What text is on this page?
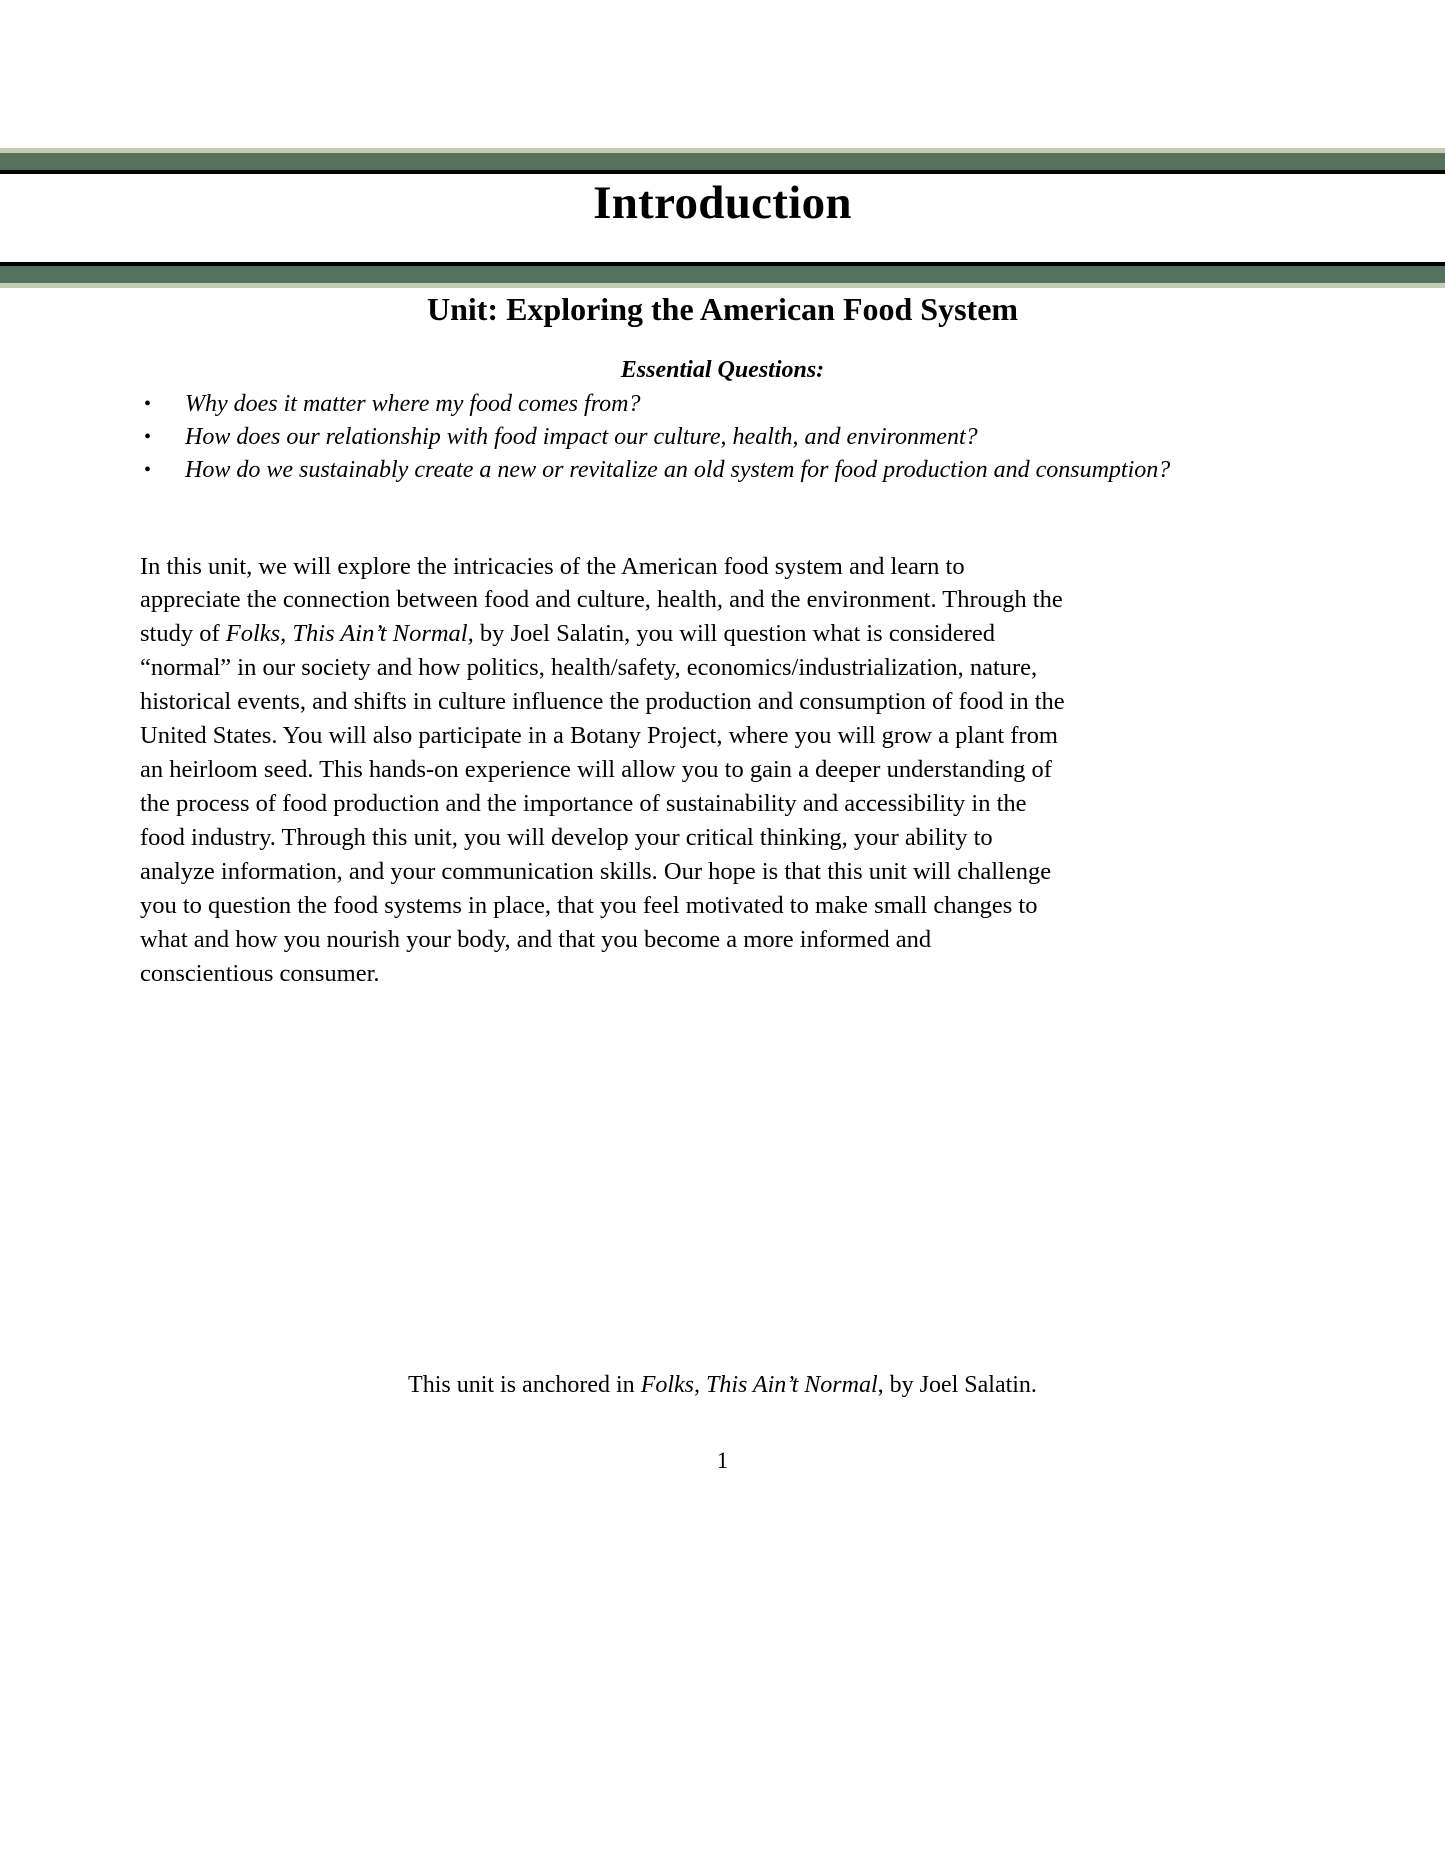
Introduction
Unit: Exploring the American Food System
Essential Questions:
• Why does it matter where my food comes from?
• How does our relationship with food impact our culture, health, and environment?
• How do we sustainably create a new or revitalize an old system for food production and consumption?

In this unit, we will explore the intricacies of the American food system and learn to appreciate the connection between food and culture, health, and the environment. Through the study of Folks, This Ain’t Normal, by Joel Salatin, you will question what is considered “normal” in our society and how politics, health/safety, economics/industrialization, nature, historical events, and shifts in culture influence the production and consumption of food in the United States. You will also participate in a Botany Project, where you will grow a plant from an heirloom seed. This hands-on experience will allow you to gain a deeper understanding of the process of food production and the importance of sustainability and accessibility in the food industry. Through this unit, you will develop your critical thinking, your ability to analyze information, and your communication skills. Our hope is that this unit will challenge you to question the food systems in place, that you feel motivated to make small changes to what and how you nourish your body, and that you become a more informed and conscientious consumer.

This unit is anchored in Folks, This Ain’t Normal, by Joel Salatin.
1
